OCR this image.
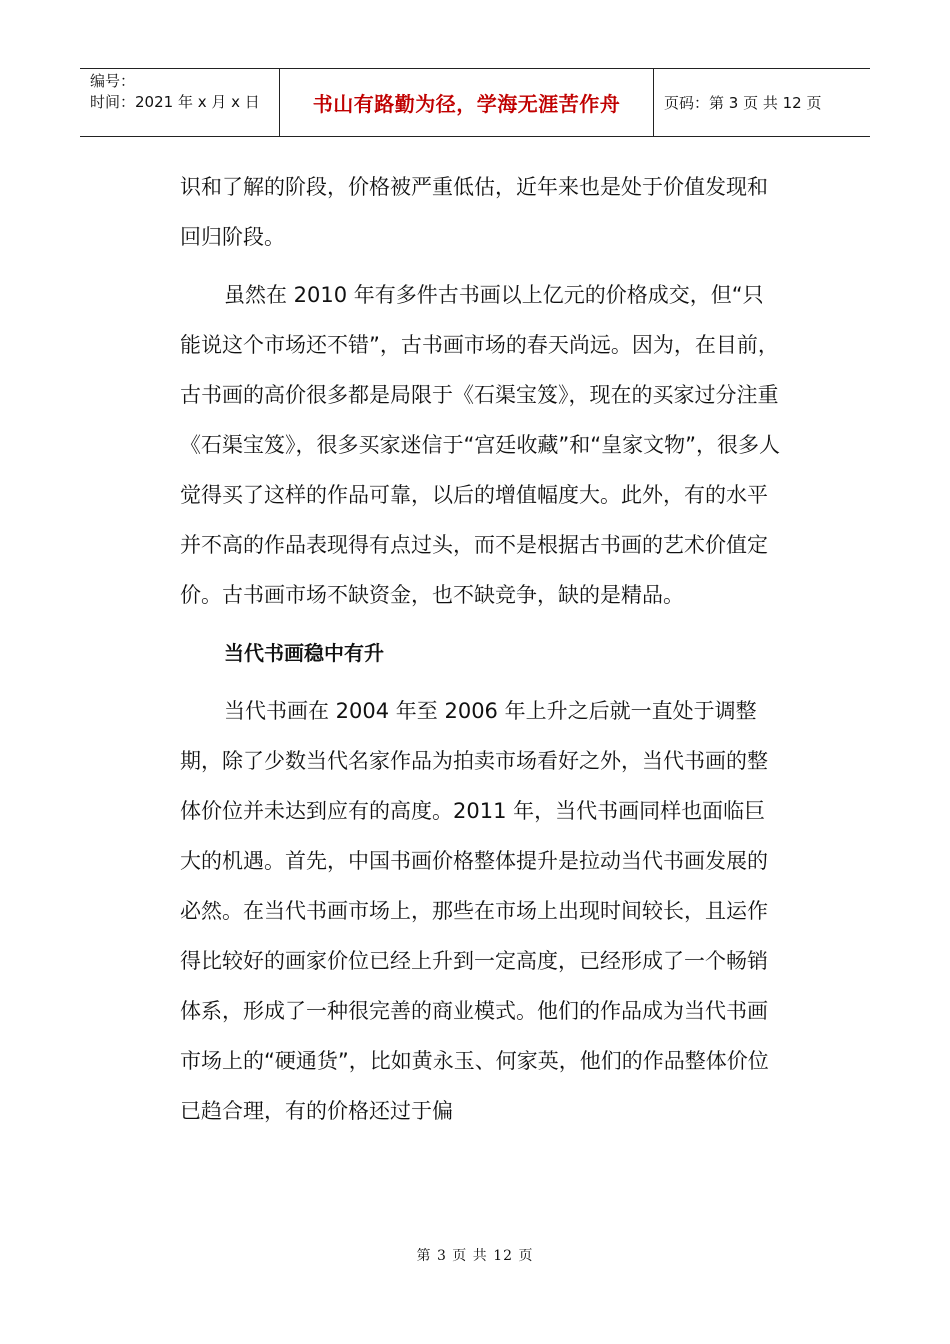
编号：
时间：2021 年 x 月 x 日	书山有路勤为径，学海无涯苦作舟	页码：第 3 页 共 12 页

识和了解的阶段，价格被严重低估，近年来也是处于价值发现和回归阶段。

虽然在 2010 年有多件古书画以上亿元的价格成交，但“只能说这个市场还不错”，古书画市场的春天尚远。因为，在目前，古书画的高价很多都是局限于《石渠宝笈》，现在的买家过分注重《石渠宝笈》，很多买家迷信于“宫廷收藏”和“皇家文物”，很多人觉得买了这样的作品可靠，以后的增值幅度大。此外，有的水平并不高的作品表现得有点过头，而不是根据古书画的艺术价值定价。古书画市场不缺资金，也不缺竞争，缺的是精品。

当代书画稳中有升

当代书画在 2004 年至 2006 年上升之后就一直处于调整期，除了少数当代名家作品为拍卖市场看好之外，当代书画的整体价位并未达到应有的高度。2011 年，当代书画同样也面临巨大的机遇。首先，中国书画价格整体提升是拉动当代书画发展的必然。在当代书画市场上，那些在市场上出现时间较长，且运作得比较好的画家价位已经上升到一定高度，已经形成了一个畅销体系，形成了一种很完善的商业模式。他们的作品成为当代书画市场上的“硬通货”，比如黄永玉、何家英，他们的作品整体价位已趋合理，有的价格还过于偏

第 3 页 共 12 页
